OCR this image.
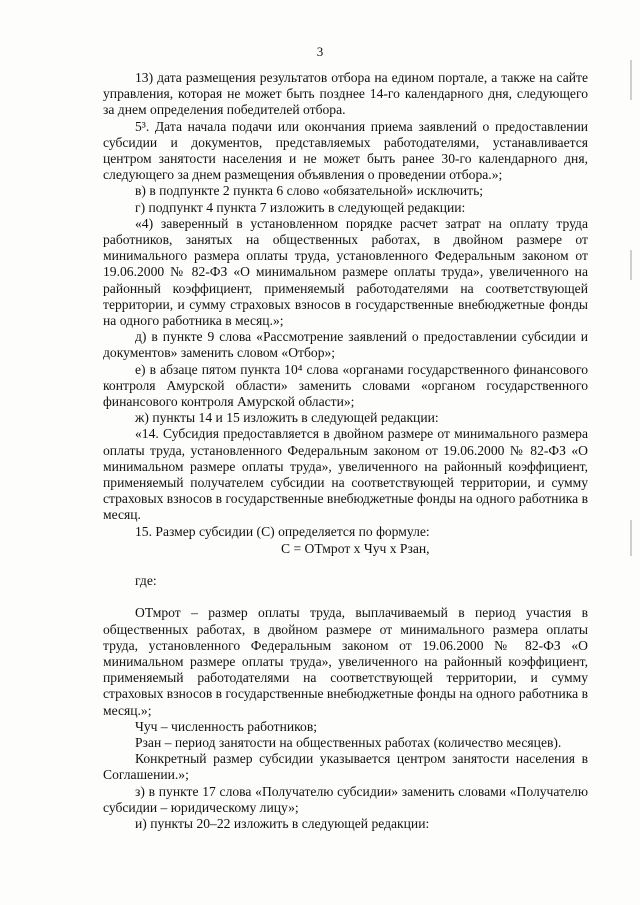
3

13) дата размещения результатов отбора на едином портале, а также на сайте управления, которая не может быть позднее 14-го календарного дня, следующего за днем определения победителей отбора.

5³. Дата начала подачи или окончания приема заявлений о предоставлении субсидии и документов, представляемых работодателями, устанавливается центром занятости населения и не может быть ранее 30-го календарного дня, следующего за днем размещения объявления о проведении отбора.»;

в) в подпункте 2 пункта 6 слово «обязательной» исключить;

г) подпункт 4 пункта 7 изложить в следующей редакции:

«4) заверенный в установленном порядке расчет затрат на оплату труда работников, занятых на общественных работах, в двойном размере от минимального размера оплаты труда, установленного Федеральным законом от 19.06.2000 № 82-ФЗ «О минимальном размере оплаты труда», увеличенного на районный коэффициент, применяемый работодателями на соответствующей территории, и сумму страховых взносов в государственные внебюджетные фонды на одного работника в месяц.»;

д) в пункте 9 слова «Рассмотрение заявлений о предоставлении субсидии и документов» заменить словом «Отбор»;

е) в абзаце пятом пункта 10⁴ слова «органами государственного финансового контроля Амурской области» заменить словами «органом государственного финансового контроля Амурской области»;

ж) пункты 14 и 15 изложить в следующей редакции:

«14. Субсидия предоставляется в двойном размере от минимального размера оплаты труда, установленного Федеральным законом от 19.06.2000 № 82-ФЗ «О минимальном размере оплаты труда», увеличенного на районный коэффициент, применяемый получателем субсидии на соответствующей территории, и сумму страховых взносов в государственные внебюджетные фонды на одного работника в месяц.

15. Размер субсидии (С) определяется по формуле:

С = ОТмрот х Чуч х Рзан,

где:

ОТмрот – размер оплаты труда, выплачиваемый в период участия в общественных работах, в двойном размере от минимального размера оплаты труда, установленного Федеральным законом от 19.06.2000 № 82-ФЗ «О минимальном размере оплаты труда», увеличенного на районный коэффициент, применяемый работодателями на соответствующей территории, и сумму страховых взносов в государственные внебюджетные фонды на одного работника в месяц.»;

Чуч – численность работников;

Рзан – период занятости на общественных работах (количество месяцев).

Конкретный размер субсидии указывается центром занятости населения в Соглашении.»;

з) в пункте 17 слова «Получателю субсидии» заменить словами «Получателю субсидии – юридическому лицу»;

и) пункты 20–22 изложить в следующей редакции:
